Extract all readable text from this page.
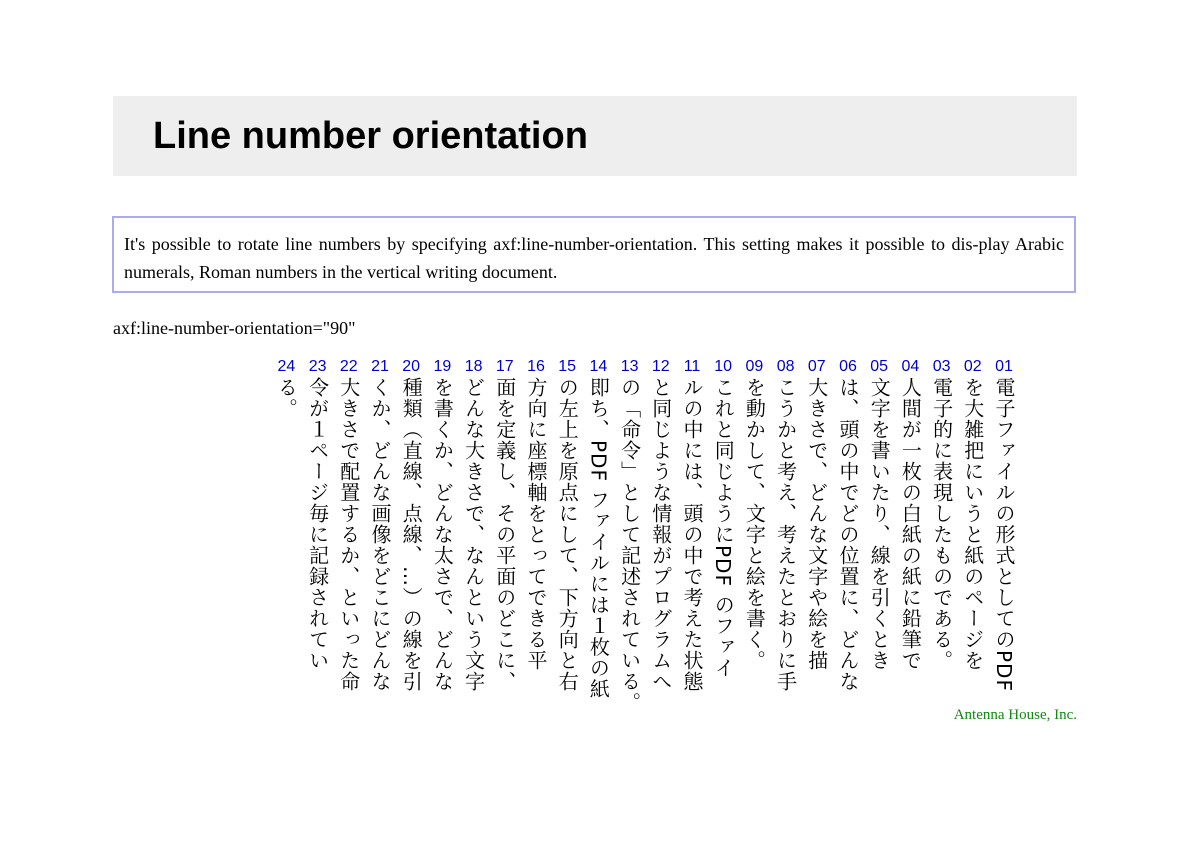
Line number orientation

It's possible to rotate line numbers by specifying axf:line-number-orientation. This setting makes it possible to dis-play Arabic numerals, Roman numbers in the vertical writing document.

axf:line-number-orientation="90"
01
電子ファイルの形式としてのPDF
02
を大雑把にいうと紙のページを
03
電子的に表現したものである。
04
人間が一枚の白紙の紙に鉛筆で
05
文字を書いたり、線を引くとき
06
は、頭の中でどの位置に、どんな
07
大きさで、どんな文字や絵を描
08
こうかと考え、考えたとおりに手
09
を動かして、文字と絵を書く。
10
これと同じようにPDF のファイ
11
ルの中には、頭の中で考えた状態
12
と同じような情報がプログラムへ
13
の「命令」として記述されている。
14
即ち、PDF ファイルには１枚の紙
15
の左上を原点にして、下方向と右
16
方向に座標軸をとってできる平
17
面を定義し、その平面のどこに、
18
どんな大きさで、なんという文字
19
を書くか、どんな太さで、どんな
20
種類（直線、点線、…）の線を引
21
くか、どんな画像をどこにどんな
22
大きさで配置するか、といった命
23
令が１ページ毎に記録されてい
24
る。
Antenna House, Inc.
